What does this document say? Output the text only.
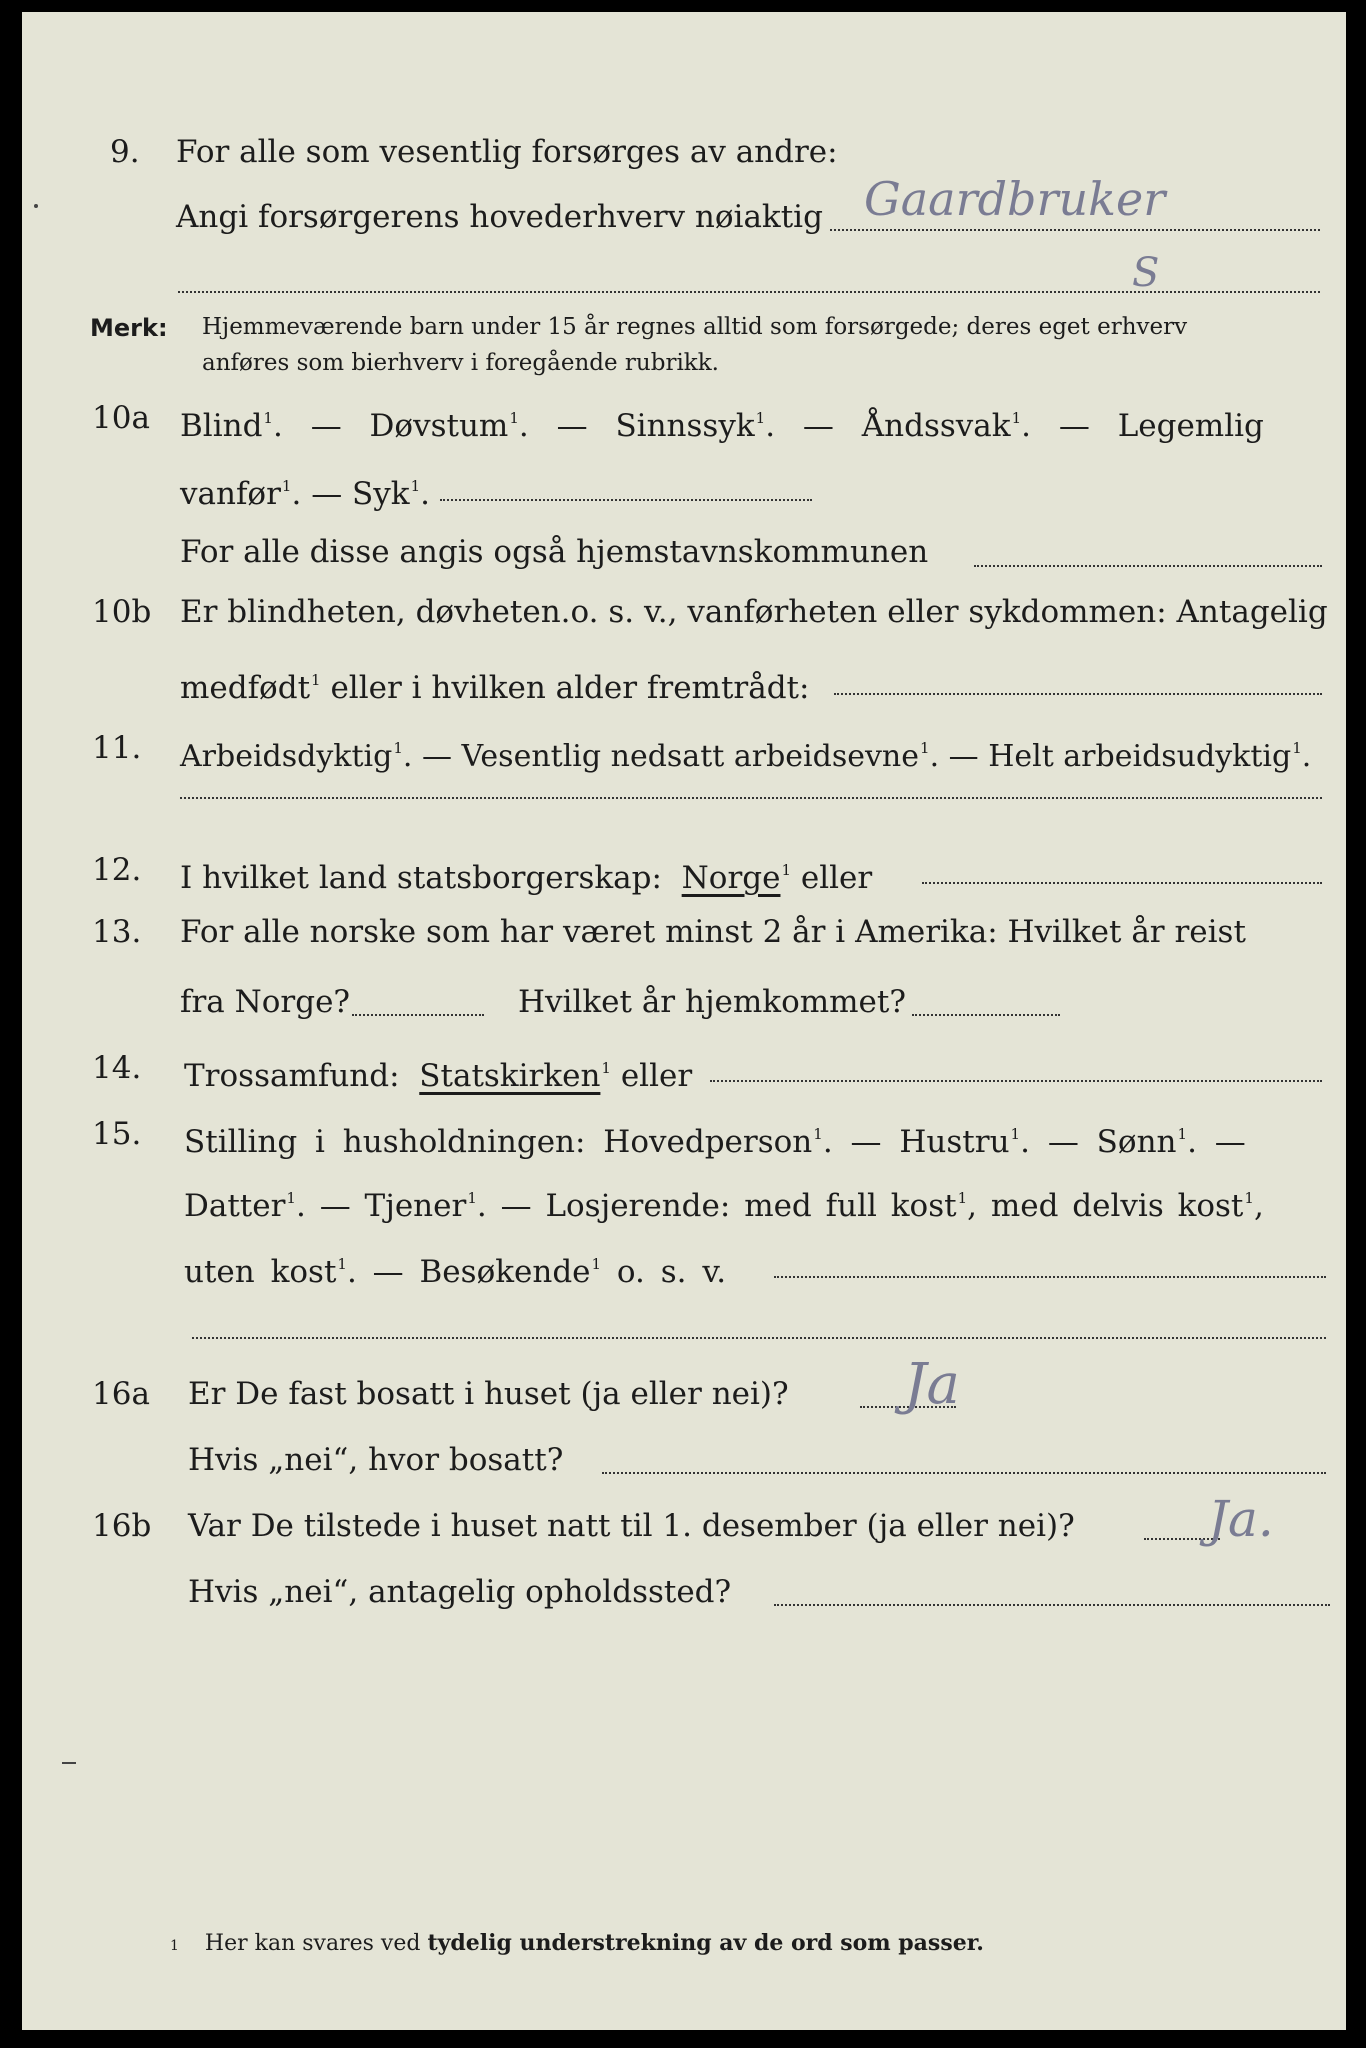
9. For alle som vesentlig forsørges av andre:
Angi forsørgerens hovederhverv nøiaktig Gaardbruker
S
Merk: Hjemmeværende barn under 15 år regnes alltid som forsørgede; deres eget erhverv
anføres som bierhverv i foregående rubrikk.
10a Blind$^1$. — Døvstum$^1$. — Sinnssyk$^1$. — Åndssvak$^1$. — Legemlig
vanfør$^1$. — Syk$^1$.
For alle disse angis også hjemstavnskommunen
10b Er blindheten, døvheten.o. s. v., vanførheten eller sykdommen: Antagelig
medfødt$^1$ eller i hvilken alder fremtrådt:
11. Arbeidsdyktig$^1$. — Vesentlig nedsatt arbeidsevne$^1$. — Helt arbeidsudyktig$^1$.
12. I hvilket land statsborgerskap: Norge$^1$ eller
13. For alle norske som har været minst 2 år i Amerika: Hvilket år reist
fra Norge?	Hvilket år hjemkommet?
14. Trossamfund: Statskirken$^1$ eller
15. Stilling i husholdningen: Hovedperson$^1$. — Hustru$^1$. — Sønn$^1$. —
Datter$^1$. — Tjener$^1$. — Losjerende: med full kost$^1$, med delvis kost$^1$,
uten kost$^1$. — Besøkende$^1$ o. s. v.
16a Er De fast bosatt i huset (ja eller nei)? Ja
Hvis „nei“, hvor bosatt?
16b Var De tilstede i huset natt til 1. desember (ja eller nei)?	Ja.
Hvis „nei“, antagelig opholdssted?
1 Her kan svares ved tydelig understrekning av de ord som passer.
